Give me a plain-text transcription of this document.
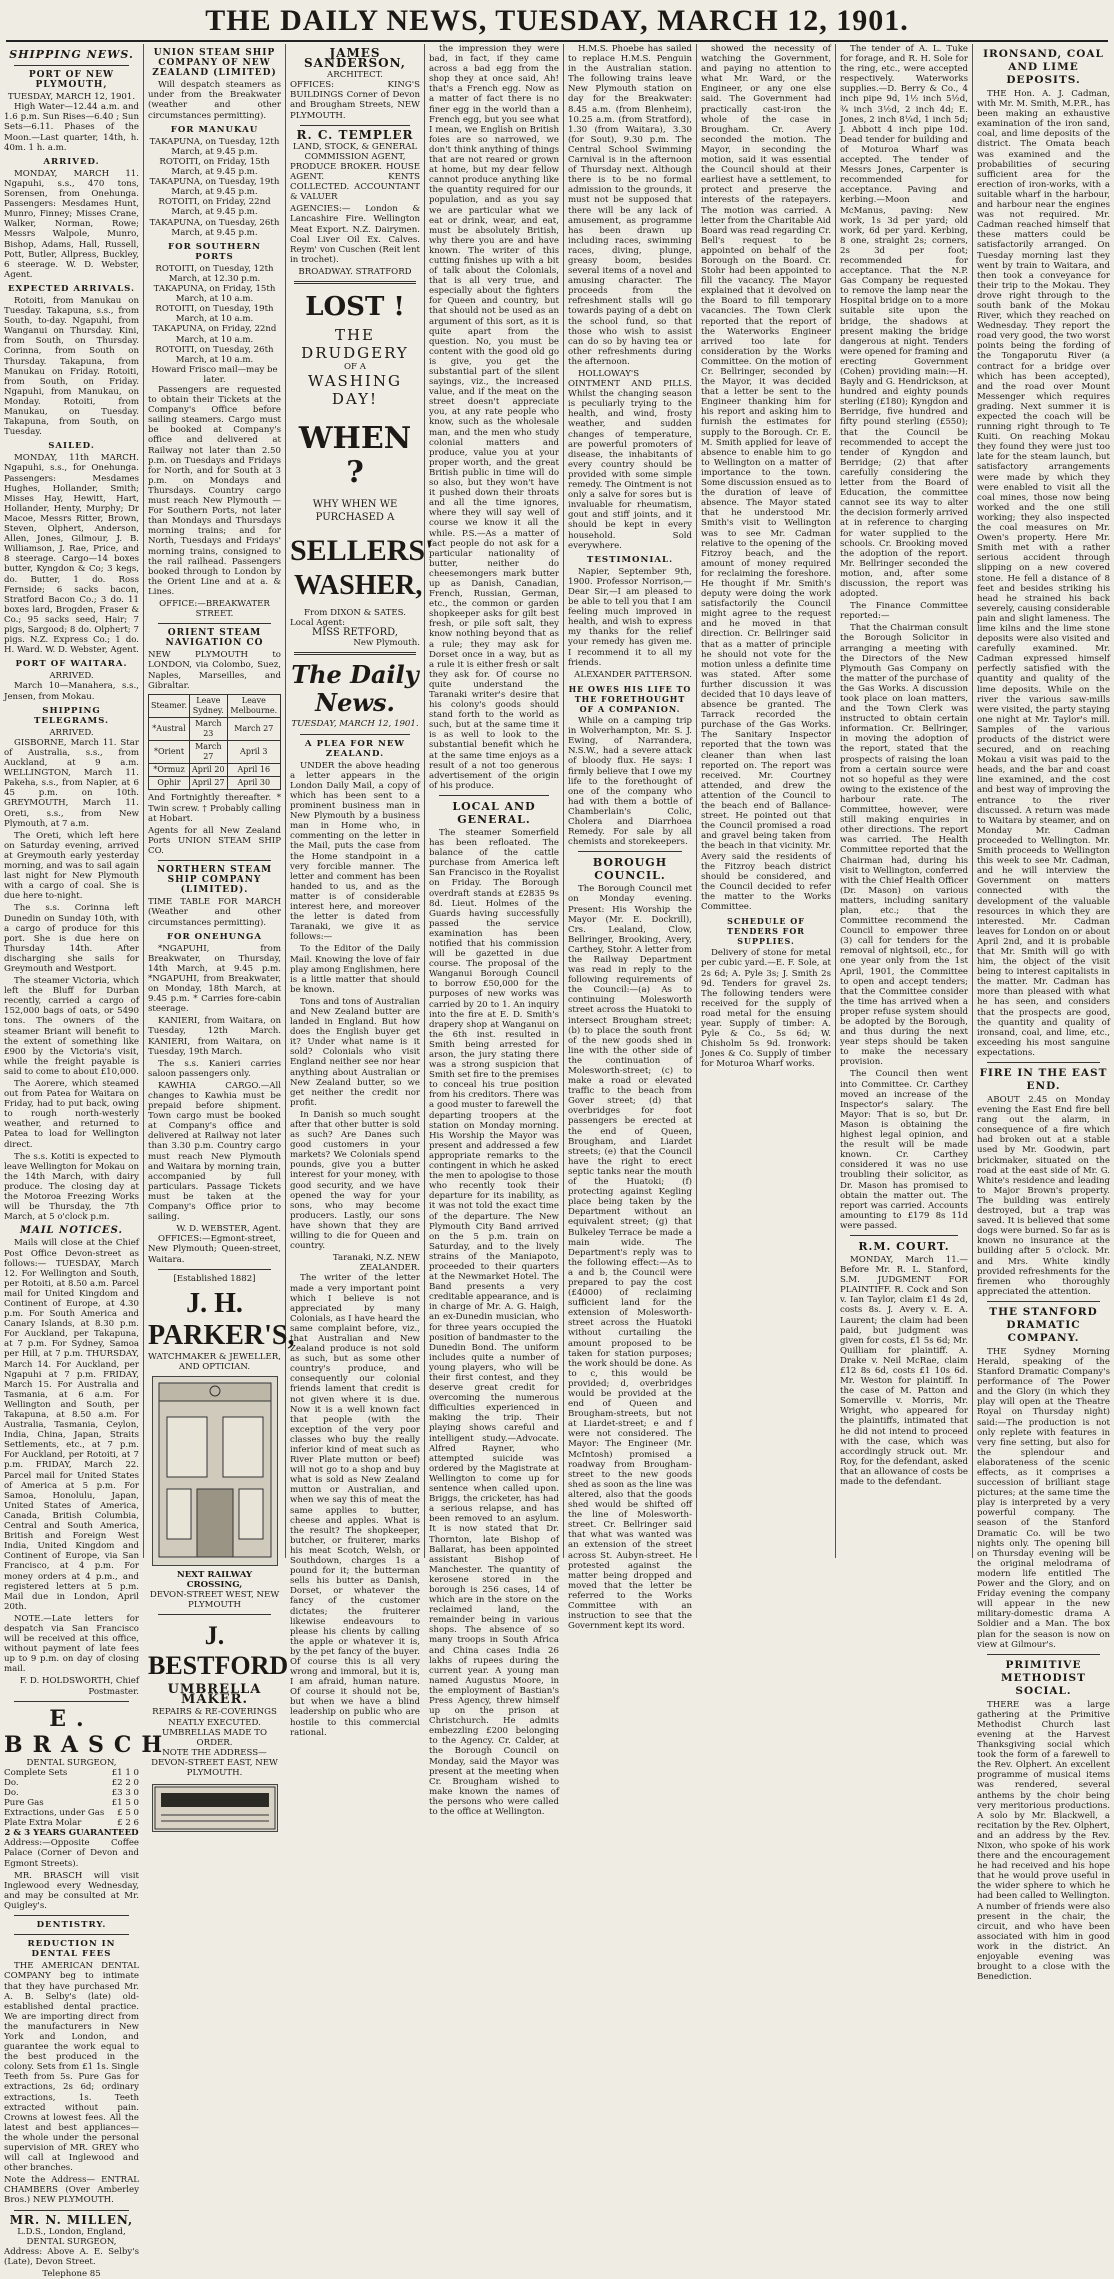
THE DAILY NEWS, TUESDAY, MARCH 12, 1901.
SHIPPING NEWS.
PORT OF NEW PLYMOUTH,
TUESDAY, MARCH 12, 1901.

High Water—12.44 a.m. and 1.6 p.m. Sun Rises—6.40 ; Sun Sets—6.11. Phases of the Moon.—Last quarter, 14th, h. 40m. 1 h. a.m.

ARRIVED.

MONDAY, MARCH 11. Ngapuhi, s.s., 470 tons, Sorensen, from Onehunga. Passengers: Mesdames Hunt, Munro, Finney; Misses Crane, Walker, Norman, Rowe; Messrs Walpole, Munro, Bishop, Adams, Hall, Russell, Pott, Butler, Allpress, Buckley, 6 steerage. W. D. Webster, Agent.

EXPECTED ARRIVALS.

Rotoiti, from Manukau on Tuesday. Takapuna, s.s., from South, to-day. Ngapuhi, from Wanganui on Thursday. Kini, from South, on Thursday. Corinna, from South on Thursday. Takapuna, from Manukau on Friday. Rotoiti, from South, on Friday. Ngapuhi, from Manukau, on Monday. Rotoiti, from Manukau, on Tuesday. Takapuna, from South, on Tuesday.

SAILED.

MONDAY, 11th MARCH. Ngapuhi, s.s., for Onehunga. Passengers: Mesdames Hughes, Hollander, Smith; Misses Hay, Hewitt, Hart, Hollander, Henty, Murphy; Dr Macoe, Messrs Ritter, Brown, Steven, Olphert, Anderson, Allen, Jones, Gilmour, J. B. Williamson, J. Rae, Price, and 8 steerage. Cargo—14 boxes butter, Kyngdon & Co; 3 kegs, do. Butter, 1 do. Ross Fernside; 6 sacks bacon, Stratford Bacon Co.; 3 do. 11 boxes lard, Brogden, Fraser & Co.; 95 sacks seed, Hair; 7 pigs, Sargood; 8 do. Olphert; 7 pigs. N.Z. Express Co.; 1 do. H. Ward. W. D. Webster, Agent.

PORT OF WAITARA.
ARRIVED.

March 10—Manahera, s.s., Jensen, from Mokau.

SHIPPING TELEGRAMS.
ARRIVED.

GISBORNE, March 11. Star of Australia, s.s., from Auckland, at 9 a.m. WELLINGTON, March 11. Pakeha, s.s., from Napier, at 6 45 p.m. on 10th. GREYMOUTH, March 11. Oreti, s.s., from New Plymouth, at 7 a.m.

The Oreti, which left here on Saturday evening, arrived at Greymouth early yesterday morning, and was to sail again last night for New Plymouth with a cargo of coal. She is due here to-night.

The s.s. Corinna left Dunedin on Sunday 10th, with a cargo of produce for this port. She is due here on Thursday 14th. After discharging she sails for Greymouth and Westport.

The steamer Victoria, which left the Bluff for Durban recently, carried a cargo of 152,000 bags of oats, or 5490 tons. The owners of the steamer Briant will benefit to the extent of something like £900 by the Victoria's visit, while the freight payable is said to come to about £10,000.

The Aorere, which steamed out from Patea for Waitara on Friday, had to put back, owing to rough north-westerly weather, and returned to Patea to load for Wellington direct.

The s.s. Kotiti is expected to leave Wellington for Mokau on the 14th March, with dairy produce. The closing day at the Motoroa Freezing Works will be Thursday, the 7th March, at 5 o'clock p.m.

MAIL NOTICES.

Mails will close at the Chief Post Office Devon-street as follows:— TUESDAY, March 12. For Wellington and South, per Rotoiti, at 8.50 a.m. Parcel mail for United Kingdom and Continent of Europe, at 4.30 p.m. For South America and Canary Islands, at 8.30 p.m. For Auckland, per Takapuna, at 7 p.m. For Sydney, Samoa per Hill, at 7 p.m. THURSDAY, March 14. For Auckland, per Ngapuhi at 7 p.m. FRIDAY, March 15. For Australia and Tasmania, at 6 a.m. For Wellington and South, per Takapuna, at 8.50 a.m. For Australia, Tasmania, Ceylon, India, China, Japan, Straits Settlements, etc., at 7 p.m. For Auckland, per Rotoiti, at 7 p.m. FRIDAY, March 22. Parcel mail for United States of America at 5 p.m. For Samoa, Honolulu, Japan, United States of America, Canada, British Columbia, Central and South America, British and Foreign West India, United Kingdom and Continent of Europe, via San Francisco, at 4 p.m. For money orders at 4 p.m., and registered letters at 5 p.m. Mail due in London, April 20th.

NOTE.—Late letters for despatch via San Francisco will be received at this office, without payment of late fees up to 9 p.m. on day of closing mail.

F. D. HOLDSWORTH, Chief Postmaster.
E. BRASCH
DENTAL SURGEON,
Complete Sets	£1 1 0
Do.	£2 2 0
Do.	£3 3 0
Pure Gas	£1 5 0
Extractions, under Gas £ 5 0
Plate Extra Molar	£ 2 6
2 & 3 YEARS GUARANTEED

Address:—Opposite Coffee Palace (Corner of Devon and Egmont Streets).

MR. BRASCH will visit Inglewood every Wednesday, and may be consulted at Mr. Quigley's.

DENTISTRY.
REDUCTION IN DENTAL FEES

THE AMERICAN DENTAL COMPANY beg to intimate that they have purchased Mr. A. B. Selby's (late) old-established dental practice. We are importing direct from the manufacturers in New York and London, and guarantee the work equal to the best produced in the colony. Sets from £1 1s. Single Teeth from 5s. Pure Gas for extractions, 2s 6d; ordinary extractions, 1s. Teeth extracted without pain. Crowns at lowest fees. All the latest and best appliances—the whole under the personal supervision of MR. GREY who will call at Inglewood and other branches.

Note the Address— ENTRAL CHAMBERS (Over Amberley Bros.) NEW PLYMOUTH.

MR. N. MILLEN,
L.D.S., London, England, DENTAL SURGEON,

Address: Above A. E. Selby's (Late), Devon Street.

Telephone 85
UNION STEAM SHIP COMPANY OF NEW ZEALAND (LIMITED)

Will despatch steamers as under from the Breakwater (weather and other circumstances permitting).

FOR MANUKAU
TAKAPUNA, on Tuesday, 12th March, at 9.45 p.m.
ROTOITI, on Friday, 15th March, at 9.45 p.m.
TAKAPUNA, on Tuesday, 19th March, at 9.45 p.m.
ROTOITI, on Friday, 22nd March, at 9.45 p.m.
TAKAPUNA, on Tuesday, 26th March, at 9.45 p.m.
FOR SOUTHERN PORTS
ROTOITI, on Tuesday, 12th March, at 12.30 p.m.
TAKAPUNA, on Friday, 15th March, at 10 a.m.
ROTOITI, on Tuesday, 19th March, at 10 a.m.
TAKAPUNA, on Friday, 22nd March, at 10 a.m.
ROTOITI, on Tuesday, 26th March, at 10 a.m.
Howard Frisco mail—may be later.

Passengers are requested to obtain their Tickets at the Company's Office before sailing steamers. Cargo must be booked at Company's office and delivered at Railway not later than 2.50 p.m. on Tuesdays and Fridays for North, and for South at 3 p.m. on Mondays and Thursdays. Country cargo must reach New Plymouth —For Southern Ports, not later than Mondays and Thursdays morning trains; and for North, Tuesdays and Fridays' morning trains, consigned to the rail railhead. Passengers booked through to London by the Orient Line and at a. & Lines.

OFFICE:—BREAKWATER STREET.
ORIENT STEAM NAVIGATION CO

NEW PLYMOUTH to LONDON, via Colombo, Suez, Naples, Marseilles, and Gibraltar.

Steamer.	Leave Sydney.	Leave Melbourne.
*Austral	March 23	March 27
*Orient	March 27	April 3
*Ormuz	April 20	April 16
Ophir	April 27	April 30

And Fortnightly thereafter. * Twin screw. † Probably calling at Hobart.

Agents for all New Zealand Ports UNION STEAM SHIP CO.

NORTHERN STEAM SHIP COMPANY (LIMITED).

TIME TABLE FOR MARCH (Weather and other circumstances permitting).

FOR ONEHUNGA

*NGAPUHI, from Breakwater, on Thursday, 14th March, at 9.45 p.m. *NGAPUHI, from Breakwater, on Monday, 18th March, at 9.45 p.m. * Carries fore-cabin steerage.

KANIERI, from Waitara, on Tuesday, 12th March. KANIERI, from Waitara, on Tuesday, 19th March.

The s.s. Kanieri carries saloon passengers only.

KAWHIA CARGO.—All changes to Kawhia must be prepaid before shipment. Town cargo must be booked at Company's office and delivered at Railway not later than 3.30 p.m. Country cargo must reach New Plymouth and Waitara by morning train, accompanied by full particulars. Passage Tickets must be taken at the Company's Office prior to sailing.

W. D. WEBSTER, Agent.

OFFICES:—Egmont-street, New Plymouth; Queen-street, Waitara.

[Established 1882]
J. H. PARKER'S,
WATCHMAKER & JEWELLER, AND OPTICIAN.
NEXT RAILWAY CROSSING,
DEVON-STREET WEST, NEW PLYMOUTH
J. BESTFORD
UMBRELLA MAKER.
REPAIRS & RE-COVERINGS NEATLY EXECUTED.
UMBRELLAS MADE TO ORDER.
NOTE THE ADDRESS— DEVON-STREET EAST, NEW PLYMOUTH.
JAMES SANDERSON,
ARCHITECT.

OFFICES: KING'S BUILDINGS Corner of Devon and Brougham Streets, NEW PLYMOUTH.

R. C. TEMPLER
LAND, STOCK, & GENERAL COMMISSION AGENT,

PRODUCE BROKER. HOUSE AGENT. KENTS COLLECTED. ACCOUNTANT & VALUER

AGENCIES:— London & Lancashire Fire. Wellington Meat Export. N.Z. Dairymen. Coal Liver Oil Ex. Calves. Reym' von Cuschen (Reit lent in trochet).

BROADWAY. STRATFORD
LOST !
THE DRUDGERY
OF A
WASHING DAY!
WHEN ?
WHY WHEN WE PURCHASED A
SELLERS'
WASHER,
From DIXON & SATES.
Local Agent:
MISS RETFORD,
New Plymouth.
The Daily News.
TUESDAY, MARCH 12, 1901.
A PLEA FOR NEW ZEALAND.

UNDER the above heading a letter appears in the London Daily Mail, a copy of which has been sent to a prominent business man in New Plymouth by a business man in Home who, in commenting on the letter in the Mail, puts the case from the Home standpoint in a very forcible manner. The letter and comment has been handed to us, and as the matter is of considerable interest here, and moreover the letter is dated from Taranaki, we give it as follows:—

To the Editor of the Daily Mail. Knowing the love of fair play among Englishmen, here is a little matter that should be known.

Tons and tons of Australian and New Zealand butter are landed in England. But how does the English buyer get it? Under what name is it sold? Colonials who visit England neither see nor hear anything about Australian or New Zealand butter, so we get neither the credit nor profit.

In Danish so much sought after that other butter is sold as such? Are Danes such good customers in your markets? We Colonials spend pounds, give you a butter interest for your money, with good security, and we have opened the way for your sons, who may become producers. Lastly, our sons have shown that they are willing to die for Queen and country.

Taranaki, N.Z. NEW ZEALANDER.

The writer of the letter made a very important point which I believe is not appreciated by many Colonials, as I have heard the same complaint before, viz., that Australian and New Zealand produce is not sold as such, but as some other country's produce, and consequently our colonial friends lament that credit is not given where it is due. Now it is a well known fact that people (with the exception of the very poor classes who buy the really inferior kind of meat such as River Plate mutton or beef) will not go to a shop and buy what is sold as New Zealand mutton or Australian, and when we say this of meat the same applies to butter, cheese and apples. What is the result? The shopkeeper, butcher, or fruiterer, marks his meat Scotch, Welsh, or Southdown, charges 1s a pound for it; the butterman sells his butter as Danish, Dorset, or whatever the fancy of the customer dictates; the fruiterer likewise endeavours to please his clients by calling the apple or whatever it is, by the pet fancy of the buyer. Of course this is all very wrong and immoral, but it is, I am afraid, human nature. Of course it should not be, but when we have a blind leadership on public who are hostile to this commercial rational.

the impression they were bad, in fact, if they came across a bad egg from the shop they at once said, Ah! that's a French egg. Now as a matter of fact there is no finer egg in the world than a French egg, but you see what I mean, we English on British foies are so narrowed, we don't think anything of things that are not reared or grown at home, but my dear fellow cannot produce anything like the quantity required for our population, and as you say we are particular what we eat or drink, wear, and eat, must be absolutely British, why there you are and have known. The writer of this cutting finishes up with a bit of talk about the Colonials, that is all very true, and especially about the fighters for Queen and country, but that should not be used as an argument of this sort, as it is quite apart from the question. No, you must be content with the good old go is give, you get the substantial part of the silent sayings, viz., the increased value, and if the meat on the street doesn't appreciate you, at any rate people who know, such as the wholesale man, and the men who study colonial matters and produce, value you at your proper worth, and the great British public in time will do so also, but they won't have it pushed down their throats and all the time ignores, where they will say well of course we know it all the while. P.S.—As a matter of fact people do not ask for a particular nationality of butter, neither do cheesemongers mark butter up as Danish, Canadian, French, Russian, German, etc., the common or garden shopkeeper asks for gilt best fresh, or pile soft salt, they know nothing beyond that as a rule; they may ask for Dorset once in a way, but as a rule it is either fresh or salt they ask for. Of course no quite understand the Taranaki writer's desire that his colony's goods should stand forth to the world as such, but at the same time it is as well to look to the substantial benefit which he at the same time enjoys as a result of a not too generous advertisement of the origin of his produce.

LOCAL AND GENERAL.

The steamer Somerfield has been refloated. The balance of the cattle purchase from America left San Francisco in the Royalist on Friday. The Borough overdraft stands at £2835 9s 8d. Lieut. Holmes of the Guards having successfully passed the service examination has been notified that his commission will be gazetted in due course. The proposal of the Wanganui Borough Council to borrow £50,000 for the purposes of new works was carried by 20 to 1. An inquiry into the fire at E. D. Smith's drapery shop at Wanganui on the 6th inst. resulted in Smith being arrested for arson, the jury stating there was a strong suspicion that Smith set fire to the premises to conceal his true position from his creditors. There was a good muster to farewell the departing troopers at the station on Monday morning. His Worship the Mayor was present and addressed a few appropriate remarks to the contingent in which he asked the men to apologise to those who recently took their departure for its inability, as it was not told the exact time of the departure. The New Plymouth City Band arrived on the 5 p.m. train on Saturday, and to the lively strains of the Maniapoto, proceeded to their quarters at the Newmarket Hotel. The Band presents a very creditable appearance, and is in charge of Mr. A. G. Haigh, an ex-Dunedin musician, who for three years occupied the position of bandmaster to the Dunedin Bond. The uniform includes quite a number of young players, who will be their first contest, and they deserve great credit for overcoming the numerous difficulties experienced in making the trip. Their playing shows careful and intelligent study.—Advocate. Alfred Rayner, who attempted suicide was ordered by the Magistrate at Wellington to come up for sentence when called upon. Briggs, the cricketer, has had a serious relapse, and has been removed to an asylum. It is now stated that Dr. Thornton, late Bishop of Ballarat, has been appointed assistant Bishop of Manchester. The quantity of kerosene stored in the borough is 256 cases, 14 of which are in the store on the reclaimed land, the remainder being in various shops. The absence of so many troops in South Africa and China cases India 26 lakhs of rupees during the current year. A young man named Augustus Moore, in the employment of Bastian's Press Agency, threw himself up on the prison at Christchurch. He admits embezzling £200 belonging to the Agency. Cr. Calder, at the Borough Council on Monday, said the Mayor was present at the meeting when Cr. Brougham wished to make known the names of the persons who were called to the office at Wellington.

H.M.S. Phoebe has sailed to replace H.M.S. Penguin in the Australian station. The following trains leave New Plymouth station on day for the Breakwater: 8.45 a.m. (from Blenheim), 10.25 a.m. (from Stratford), 1.30 (from Waitara), 3.30 (for Sout), 9.30 p.m. The Central School Swimming Carnival is in the afternoon of Thursday next. Although there is to be no formal admission to the grounds, it must not be supposed that there will be any lack of amusement, as programme has been drawn up including races, swimming races, diving, plunge, greasy boom, besides several items of a novel and amusing character. The proceeds from the refreshment stalls will go towards paying of a debt on the school fund, so that those who wish to assist can do so by having tea or other refreshments during the afternoon.

HOLLOWAY'S OINTMENT AND PILLS. Whilst the changing season is peculiarly trying to the health, and wind, frosty weather, and sudden changes of temperature, are powerful promoters of disease, the inhabitants of every country should be provided with some simple remedy. The Ointment is not only a salve for sores but is invaluable for rheumatism, gout and stiff joints, and it should be kept in every household. Sold everywhere.

TESTIMONIAL.

Napier, September 9th, 1900. Professor Norrison,— Dear Sir,—I am pleased to be able to tell you that I am feeling much improved in health, and wish to express my thanks for the relief your remedy has given me. I recommend it to all my friends.

ALEXANDER PATTERSON.
HE OWES HIS LIFE TO THE FORETHOUGHT OF A COMPANION.

While on a camping trip in Wolverhampton, Mr. S. J. Ewing, of Narrandera, N.S.W., had a severe attack of bloody flux. He says: I firmly believe that I owe my life to the forethought of one of the company who had with them a bottle of Chamberlain's Colic, Cholera and Diarrhoea Remedy. For sale by all chemists and storekeepers.

BOROUGH COUNCIL.

The Borough Council met on Monday evening. Present: His Worship the Mayor (Mr. E. Dockrill), Crs. Lealand, Clow, Bellringer, Brooking, Avery, Carthey, Stohr. A letter from the Railway Department was read in reply to the following requirements of the Council:—(a) As to continuing Molesworth street across the Huatoki to intersect Brougham street; (b) to place the south front of the new goods shed in line with the other side of the continuation of Molesworth-street; (c) to make a road or elevated traffic to the beach from Gover street; (d) that overbridges for foot passengers be erected at the end of Queen, Brougham, and Liardet streets; (e) that the Council have the right to erect septic tanks near the mouth of the Huatoki; (f) protecting against Kegling place being taken by the Department without an equivalent street; (g) that Bulkeley Terrace be made a main wide. The Department's reply was to the following effect:—As to a and b, the Council were prepared to pay the cost (£4000) of reclaiming sufficient land for the extension of Molesworth-street across the Huatoki without curtailing the amount proposed to be taken for station purposes; the work should be done. As to c, this would be provided; d, overbridges would be provided at the end of Queen and Brougham-streets, but not at Liardet-street; e and f were not considered. The Mayor: The Engineer (Mr. McIntosh) promised a roadway from Brougham-street to the new goods shed as soon as the line was altered, also that the goods shed would be shifted off the line of Molesworth-street. Cr. Bellringer said that what was wanted was an extension of the street across St. Aubyn-street. He protested against the matter being dropped and moved that the letter be referred to the Works Committee with an instruction to see that the Government kept its word.

showed the necessity of watching the Government, and paying no attention to what Mr. Ward, or the Engineer, or any one else said. The Government had practically cast-iron the whole of the case in Brougham. Cr. Avery seconded the motion. The Mayor, in seconding the motion, said it was essential the Council should at their earliest have a settlement, to protect and preserve the interests of the ratepayers. The motion was carried. A letter from the Charitable Aid Board was read regarding Cr. Bell's request to be appointed on behalf of the Borough on the Board. Cr. Stohr had been appointed to fill the vacancy. The Mayor explained that it devolved on the Board to fill temporary vacancies. The Town Clerk reported that the report of the Waterworks Engineer arrived too late for consideration by the Works Committee. On the motion of Cr. Bellringer, seconded by the Mayor, it was decided that a letter be sent to the Engineer thanking him for his report and asking him to furnish the estimates for supply to the Borough. Cr. E. M. Smith applied for leave of absence to enable him to go to Wellington on a matter of importance to the town. Some discussion ensued as to the duration of leave of absence. The Mayor stated that he understood Mr. Smith's visit to Wellington was to see Mr. Cadman relative to the opening of the Fitzroy beach, and the amount of money required for reclaiming the foreshore. He thought if Mr. Smith's deputy were doing the work satisfactorily the Council might agree to the request and he moved in that direction. Cr. Bellringer said that as a matter of principle he should not vote for the motion unless a definite time was stated. After some further discussion it was decided that 10 days leave of absence be granted. The Tarrack recorded the purchase of the Gas Works. The Sanitary Inspector reported that the town was cleaner than when last reported on. The report was received. Mr. Courtney attended, and drew the attention of the Council to the beach end of Ballance-street. He pointed out that the Council promised a road and gravel being taken from the beach in that vicinity. Mr. Avery said the residents of the Fitzroy beach district should be considered, and the Council decided to refer the matter to the Works Committee.

SCHEDULE OF TENDERS FOR SUPPLIES.

Delivery of stone for metal per cubic yard.—E. F. Sole, at 2s 6d; A. Pyle 3s; J. Smith 2s 9d. Tenders for gravel 2s. The following tenders were received for the supply of road metal for the ensuing year. Supply of timber: A. Pyle & Co., 5s 6d; W. Chisholm 5s 9d. Ironwork: Jones & Co. Supply of timber for Moturoa Wharf works.

The tender of A. L. Tuke for forage, and R. H. Sole for the ring, etc., were accepted respectively. Waterworks supplies.—D. Berry & Co., 4 inch pipe 9d, 1½ inch 5½d, ¾ inch 3½d, 2 inch 4d; E. Jones, 2 inch 8¼d, 1 inch 5d; J. Abbott 4 inch pipe 10d. Dead tender for building and of Moturoa Wharf was accepted. The tender of Messrs Jones, Carpenter is recommended for acceptance. Paving and kerbing.—Moon and McManus, paving: New work, 1s 3d per yard; old work, 6d per yard. Kerbing, 8 one, straight 2s; corners, 2s 3d per foot; recommended for acceptance. That the N.P. Gas Company be requested to remove the lamp near the Hospital bridge on to a more suitable site upon the bridge, the shadows at present making the bridge dangerous at night. Tenders were opened for framing and erecting Government (Cohen) providing main:—H. Bayly and G. Hendrickson, at hundred and eighty pounds sterling (£180); Kyngdon and Berridge, five hundred and fifty pound sterling (£550); that the Council be recommended to accept the tender of Kyngdon and Berridge; (2) that after carefully considering the letter from the Board of Education, the committee cannot see its way to alter the decision formerly arrived at in reference to charging for water supplied to the schools. Cr. Brooking moved the adoption of the report. Mr. Bellringer seconded the motion, and, after some discussion, the report was adopted.

The Finance Committee reported:—

That the Chairman consult the Borough Solicitor in arranging a meeting with the Directors of the New Plymouth Gas Company on the matter of the purchase of the Gas Works. A discussion took place on loan matters, and the Town Clerk was instructed to obtain certain information. Cr. Bellringer, in moving the adoption of the report, stated that the prospects of raising the loan from a certain source were not so hopeful as they were owing to the existence of the harbour rate. The Committee, however, were still making enquiries in other directions. The report was carried. The Health Committee reported that the Chairman had, during his visit to Wellington, conferred with the Chief Health Officer (Dr. Mason) on various matters, including sanitary plan, etc.; that the Committee recommend the Council to empower three (3) call for tenders for the removal of nightsoil, etc., for one year only from the 1st April, 1901, the Committee to open and accept tenders; that the Committee consider the time has arrived when a proper refuse system should be adopted by the Borough, and thus during the next year steps should be taken to make the necessary provision.

The Council then went into Committee. Cr. Carthey moved an increase of the Inspector's salary. The Mayor: That is so, but Dr. Mason is obtaining the highest legal opinion, and the result will be made known. Cr. Carthey considered it was no use troubling their solicitor, as Dr. Mason has promised to obtain the matter out. The report was carried. Accounts amounting to £179 8s 11d were passed.

R.M. COURT.

MONDAY, March 11.—Before Mr. R. L. Stanford, S.M. JUDGMENT FOR PLAINTIFF. R. Cock and Son v. Ian Taylor, claim £1 4s 2d, costs 8s. J. Avery v. E. A. Laurent; the claim had been paid, but judgment was given for costs, £1 5s 6d; Mr. Quilliam for plaintiff. A. Drake v. Neil McRae, claim £12 8s 6d, costs £1 10s 6d. Mr. Weston for plaintiff. In the case of M. Patton and Somerville v. Morris, Mr. Wright, who appeared for the plaintiffs, intimated that he did not intend to proceed with the case, which was accordingly struck out. Mr. Roy, for the defendant, asked that an allowance of costs be made to the defendant.

IRONSAND, COAL AND LIME DEPOSITS.

THE Hon. A. J. Cadman, with Mr. M. Smith, M.P.R., has been making an exhaustive examination of the iron sand, coal, and lime deposits of the district. The Omata beach was examined and the probabilities of securing sufficient area for the erection of iron-works, with a suitable wharf in the harbour, and harbour near the engines was not required. Mr. Cadman reached himself that these matters could be satisfactorily arranged. On Tuesday morning last they went by train to Waitara, and then took a conveyance for their trip to the Mokau. They drove right through to the south bank of the Mokau River, which they reached on Wednesday. They report the road very good, the two worst points being the fording of the Tongaporutu River (a contract for a bridge over which has been accepted), and the road over Mount Messenger which requires grading. Next summer it is expected the coach will be running right through to Te Kuiti. On reaching Mokau they found they were just too late for the steam launch, but satisfactory arrangements were made by which they were enabled to visit all the coal mines, those now being worked and the one still working; they also inspected the coal measures on Mr. Owen's property. Here Mr. Smith met with a rather serious accident through slipping on a new covered stone. He fell a distance of 8 feet and besides striking his head he strained his back severely, causing considerable pain and slight lameness. The lime kilns and the lime stone deposits were also visited and carefully examined. Mr. Cadman expressed himself perfectly satisfied with the quantity and quality of the lime deposits. While on the river the various saw-mills were visited, the party staying one night at Mr. Taylor's mill. Samples of the various products of the district were secured, and on reaching Mokau a visit was paid to the heads, and the bar and coast line examined, and the cost and best way of improving the entrance to the river discussed. A return was made to Waitara by steamer, and on Monday Mr. Cadman proceeded to Wellington. Mr. Smith proceeds to Wellington this week to see Mr. Cadman, and he will interview the Government on matters connected with the development of the valuable resources in which they are interested. Mr. Cadman leaves for London on or about April 2nd, and it is probable that Mr. Smith will go with him, the object of the visit being to interest capitalists in the matter. Mr. Cadman has more than pleased with what he has seen, and considers that the prospects are good, the quantity and quality of ironsand, coal, and lime, etc., exceeding his most sanguine expectations.

FIRE IN THE EAST END.

ABOUT 2.45 on Monday evening the East End fire bell rang out the alarm, in consequence of a fire which had broken out at a stable used by Mr. Goodwin, part brickmaker, situated on the road at the east side of Mr. G. White's residence and leading to Major Brown's property. The building was entirely destroyed, but a trap was saved. It is believed that some dogs were burned. So far as is known no insurance at the building after 5 o'clock. Mr. and Mrs. White kindly provided refreshments for the firemen who thoroughly appreciated the attention.

THE STANFORD DRAMATIC COMPANY.

THE Sydney Morning Herald, speaking of the Stanford Dramatic Company's performance of The Power and the Glory (in which they play will open at the Theatre Royal on Thursday night) said:—The production is not only replete with features in very fine setting, but also for the splendour and elaborateness of the scenic effects, as it comprises a succession of brilliant stage pictures; at the same time the play is interpreted by a very powerful company. The season of the Stanford Dramatic Co. will be two nights only. The opening bill on Thursday evening will be the original melodrama of modern life entitled The Power and the Glory, and on Friday evening the company will appear in the new military-domestic drama A Soldier and a Man. The box plan for the season is now on view at Gilmour's.

PRIMITIVE METHODIST SOCIAL.

THERE was a large gathering at the Primitive Methodist Church last evening at the Harvest Thanksgiving social which took the form of a farewell to the Rev. Olphert. An excellent programme of musical items was rendered, several anthems by the choir being very meritorious productions. A solo by Mr. Blackwell, a recitation by the Rev. Olphert, and an address by the Rev. Nixon, who spoke of his work there and the encouragement he had received and his hope that he would prove useful in the wider sphere to which he had been called to Wellington. A number of friends were also present in the chair, the circuit, and who have been associated with him in good work in the district. An enjoyable evening was brought to a close with the Benediction.
